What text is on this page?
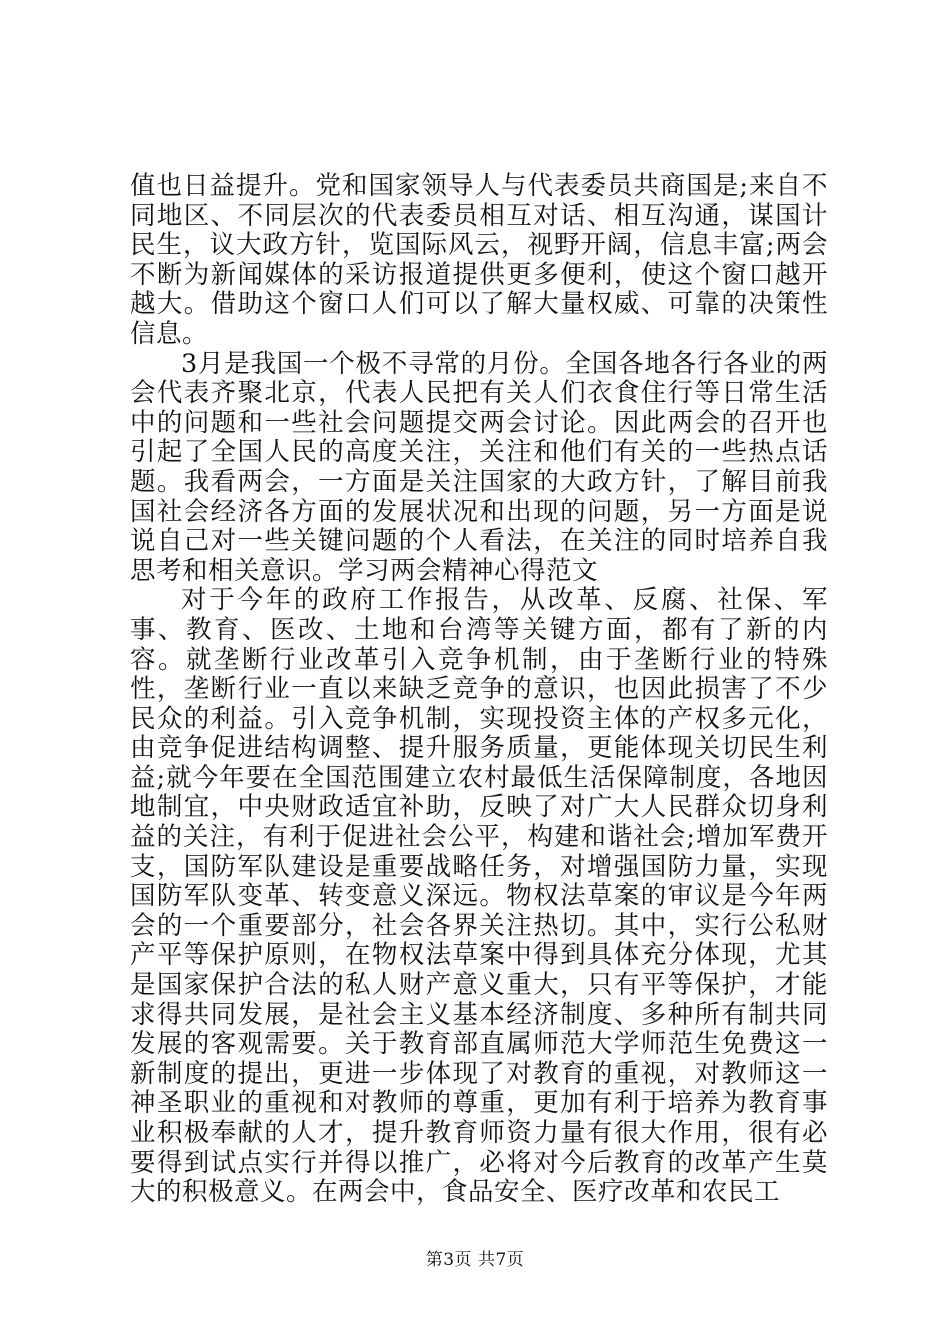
值也日益提升。党和国家领导人与代表委员共商国是;来自不同地区、不同层次的代表委员相互对话、相互沟通，谋国计民生，议大政方针，览国际风云，视野开阔，信息丰富;两会不断为新闻媒体的采访报道提供更多便利，使这个窗口越开越大。借助这个窗口人们可以了解大量权威、可靠的决策性信息。

3月是我国一个极不寻常的月份。全国各地各行各业的两会代表齐聚北京，代表人民把有关人们衣食住行等日常生活中的问题和一些社会问题提交两会讨论。因此两会的召开也引起了全国人民的高度关注，关注和他们有关的一些热点话题。我看两会，一方面是关注国家的大政方针，了解目前我国社会经济各方面的发展状况和出现的问题，另一方面是说说自己对一些关键问题的个人看法，在关注的同时培养自我思考和相关意识。学习两会精神心得范文

对于今年的政府工作报告，从改革、反腐、社保、军事、教育、医改、土地和台湾等关键方面，都有了新的内容。就垄断行业改革引入竞争机制，由于垄断行业的特殊性，垄断行业一直以来缺乏竞争的意识，也因此损害了不少民众的利益。引入竞争机制，实现投资主体的产权多元化，由竞争促进结构调整、提升服务质量，更能体现关切民生利益;就今年要在全国范围建立农村最低生活保障制度，各地因地制宜，中央财政适宜补助，反映了对广大人民群众切身利益的关注，有利于促进社会公平，构建和谐社会;增加军费开支，国防军队建设是重要战略任务，对增强国防力量，实现国防军队变革、转变意义深远。物权法草案的审议是今年两会的一个重要部分，社会各界关注热切。其中，实行公私财产平等保护原则，在物权法草案中得到具体充分体现，尤其是国家保护合法的私人财产意义重大，只有平等保护，才能求得共同发展，是社会主义基本经济制度、多种所有制共同发展的客观需要。关于教育部直属师范大学师范生免费这一新制度的提出，更进一步体现了对教育的重视，对教师这一神圣职业的重视和对教师的尊重，更加有利于培养为教育事业积极奉献的人才，提升教育师资力量有很大作用，很有必要得到试点实行并得以推广，必将对今后教育的改革产生莫大的积极意义。在两会中，食品安全、医疗改革和农民工

第3页 共7页
